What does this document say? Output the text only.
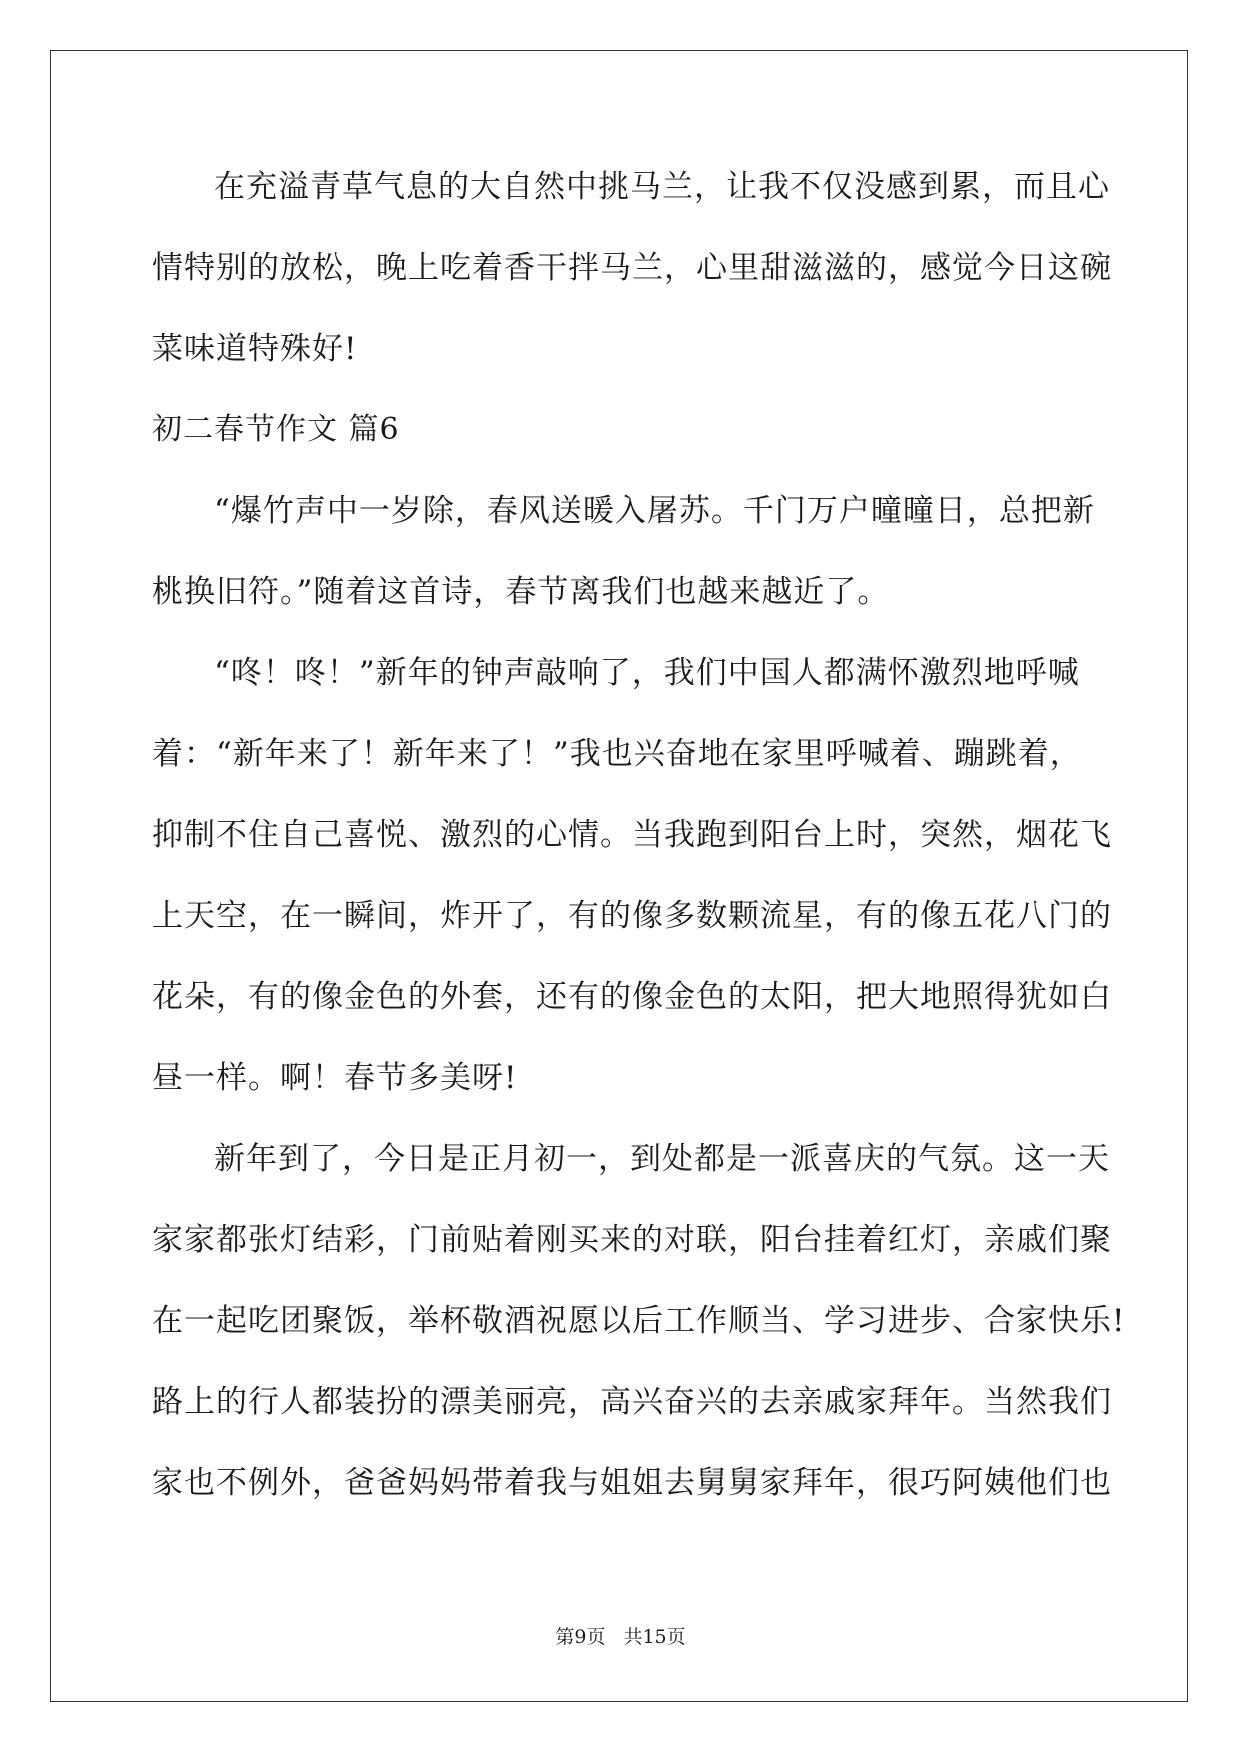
在充溢青草气息的大自然中挑马兰，让我不仅没感到累，而且心
情特别的放松，晚上吃着香干拌马兰，心里甜滋滋的，感觉今日这碗
菜味道特殊好!
初二春节作文 篇6
“爆竹声中一岁除，春风送暖入屠苏。千门万户曈曈日，总把新
桃换旧符。”随着这首诗，春节离我们也越来越近了。
“咚！咚！”新年的钟声敲响了，我们中国人都满怀激烈地呼喊
着：“新年来了！新年来了！”我也兴奋地在家里呼喊着、蹦跳着，
抑制不住自己喜悦、激烈的心情。当我跑到阳台上时，突然，烟花飞
上天空，在一瞬间，炸开了，有的像多数颗流星，有的像五花八门的
花朵，有的像金色的外套，还有的像金色的太阳，把大地照得犹如白
昼一样。啊！春节多美呀!
新年到了，今日是正月初一，到处都是一派喜庆的气氛。这一天
家家都张灯结彩，门前贴着刚买来的对联，阳台挂着红灯，亲戚们聚
在一起吃团聚饭，举杯敬酒祝愿以后工作顺当、学习进步、合家快乐!
路上的行人都装扮的漂美丽亮，高兴奋兴的去亲戚家拜年。当然我们
家也不例外，爸爸妈妈带着我与姐姐去舅舅家拜年，很巧阿姨他们也
第9页 共15页
